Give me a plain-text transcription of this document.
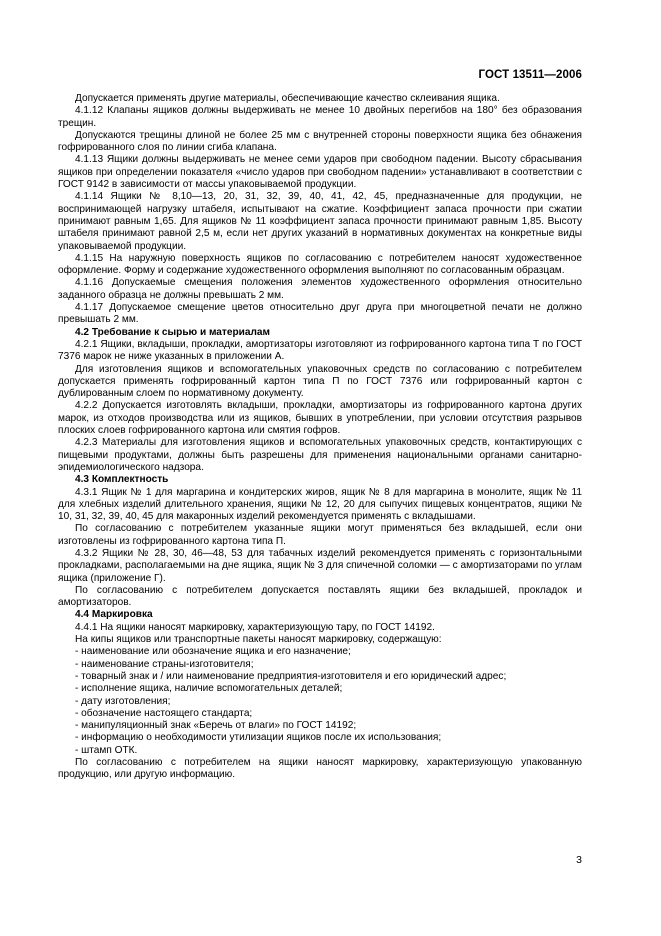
ГОСТ 13511—2006

Допускается применять другие материалы, обеспечивающие качество склеивания ящика.

4.1.12 Клапаны ящиков должны выдерживать не менее 10 двойных перегибов на 180° без образования трещин.

Допускаются трещины длиной не более 25 мм с внутренней стороны поверхности ящика без обнажения гофрированного слоя по линии сгиба клапана.

4.1.13 Ящики должны выдерживать не менее семи ударов при свободном падении. Высоту сбрасывания ящиков при определении показателя «число ударов при свободном падении» устанавливают в соответствии с ГОСТ 9142 в зависимости от массы упаковываемой продукции.

4.1.14 Ящики № 8,10—13, 20, 31, 32, 39, 40, 41, 42, 45, предназначенные для продукции, не воспринимающей нагрузку штабеля, испытывают на сжатие. Коэффициент запаса прочности при сжатии принимают равным 1,65. Для ящиков № 11 коэффициент запаса прочности принимают равным 1,85. Высоту штабеля принимают равной 2,5 м, если нет других указаний в нормативных документах на конкретные виды упаковываемой продукции.

4.1.15 На наружную поверхность ящиков по согласованию с потребителем наносят художественное оформление. Форму и содержание художественного оформления выполняют по согласованным образцам.

4.1.16 Допускаемые смещения положения элементов художественного оформления относительно заданного образца не должны превышать 2 мм.

4.1.17 Допускаемое смещение цветов относительно друг друга при многоцветной печати не должно превышать 2 мм.

4.2 Требование к сырью и материалам

4.2.1 Ящики, вкладыши, прокладки, амортизаторы изготовляют из гофрированного картона типа Т по ГОСТ 7376 марок не ниже указанных в приложении А.

Для изготовления ящиков и вспомогательных упаковочных средств по согласованию с потребителем допускается применять гофрированный картон типа П по ГОСТ 7376 или гофрированный картон с дублированным слоем по нормативному документу.

4.2.2 Допускается изготовлять вкладыши, прокладки, амортизаторы из гофрированного картона других марок, из отходов производства или из ящиков, бывших в употреблении, при условии отсутствия разрывов плоских слоев гофрированного картона или смятия гофров.

4.2.3 Материалы для изготовления ящиков и вспомогательных упаковочных средств, контактирующих с пищевыми продуктами, должны быть разрешены для применения национальными органами санитарно-эпидемиологического надзора.

4.3 Комплектность

4.3.1 Ящик № 1 для маргарина и кондитерских жиров, ящик № 8 для маргарина в монолите, ящик № 11 для хлебных изделий длительного хранения, ящики № 12, 20 для сыпучих пищевых концентратов, ящики № 10, 31, 32, 39, 40, 45 для макаронных изделий рекомендуется применять с вкладышами.

По согласованию с потребителем указанные ящики могут применяться без вкладышей, если они изготовлены из гофрированного картона типа П.

4.3.2 Ящики № 28, 30, 46—48, 53 для табачных изделий рекомендуется применять с горизонтальными прокладками, располагаемыми на дне ящика, ящик № 3 для спичечной соломки — с амортизаторами по углам ящика (приложение Г).

По согласованию с потребителем допускается поставлять ящики без вкладышей, прокладок и амортизаторов.

4.4 Маркировка

4.4.1 На ящики наносят маркировку, характеризующую тару, по ГОСТ 14192.

На кипы ящиков или транспортные пакеты наносят маркировку, содержащую:

- наименование или обозначение ящика и его назначение;
- наименование страны-изготовителя;
- товарный знак и / или наименование предприятия-изготовителя и его юридический адрес;
- исполнение ящика, наличие вспомогательных деталей;
- дату изготовления;
- обозначение настоящего стандарта;
- манипуляционный знак «Беречь от влаги» по ГОСТ 14192;
- информацию о необходимости утилизации ящиков после их использования;
- штамп ОТК.

По согласованию с потребителем на ящики наносят маркировку, характеризующую упакованную продукцию, или другую информацию.

3
